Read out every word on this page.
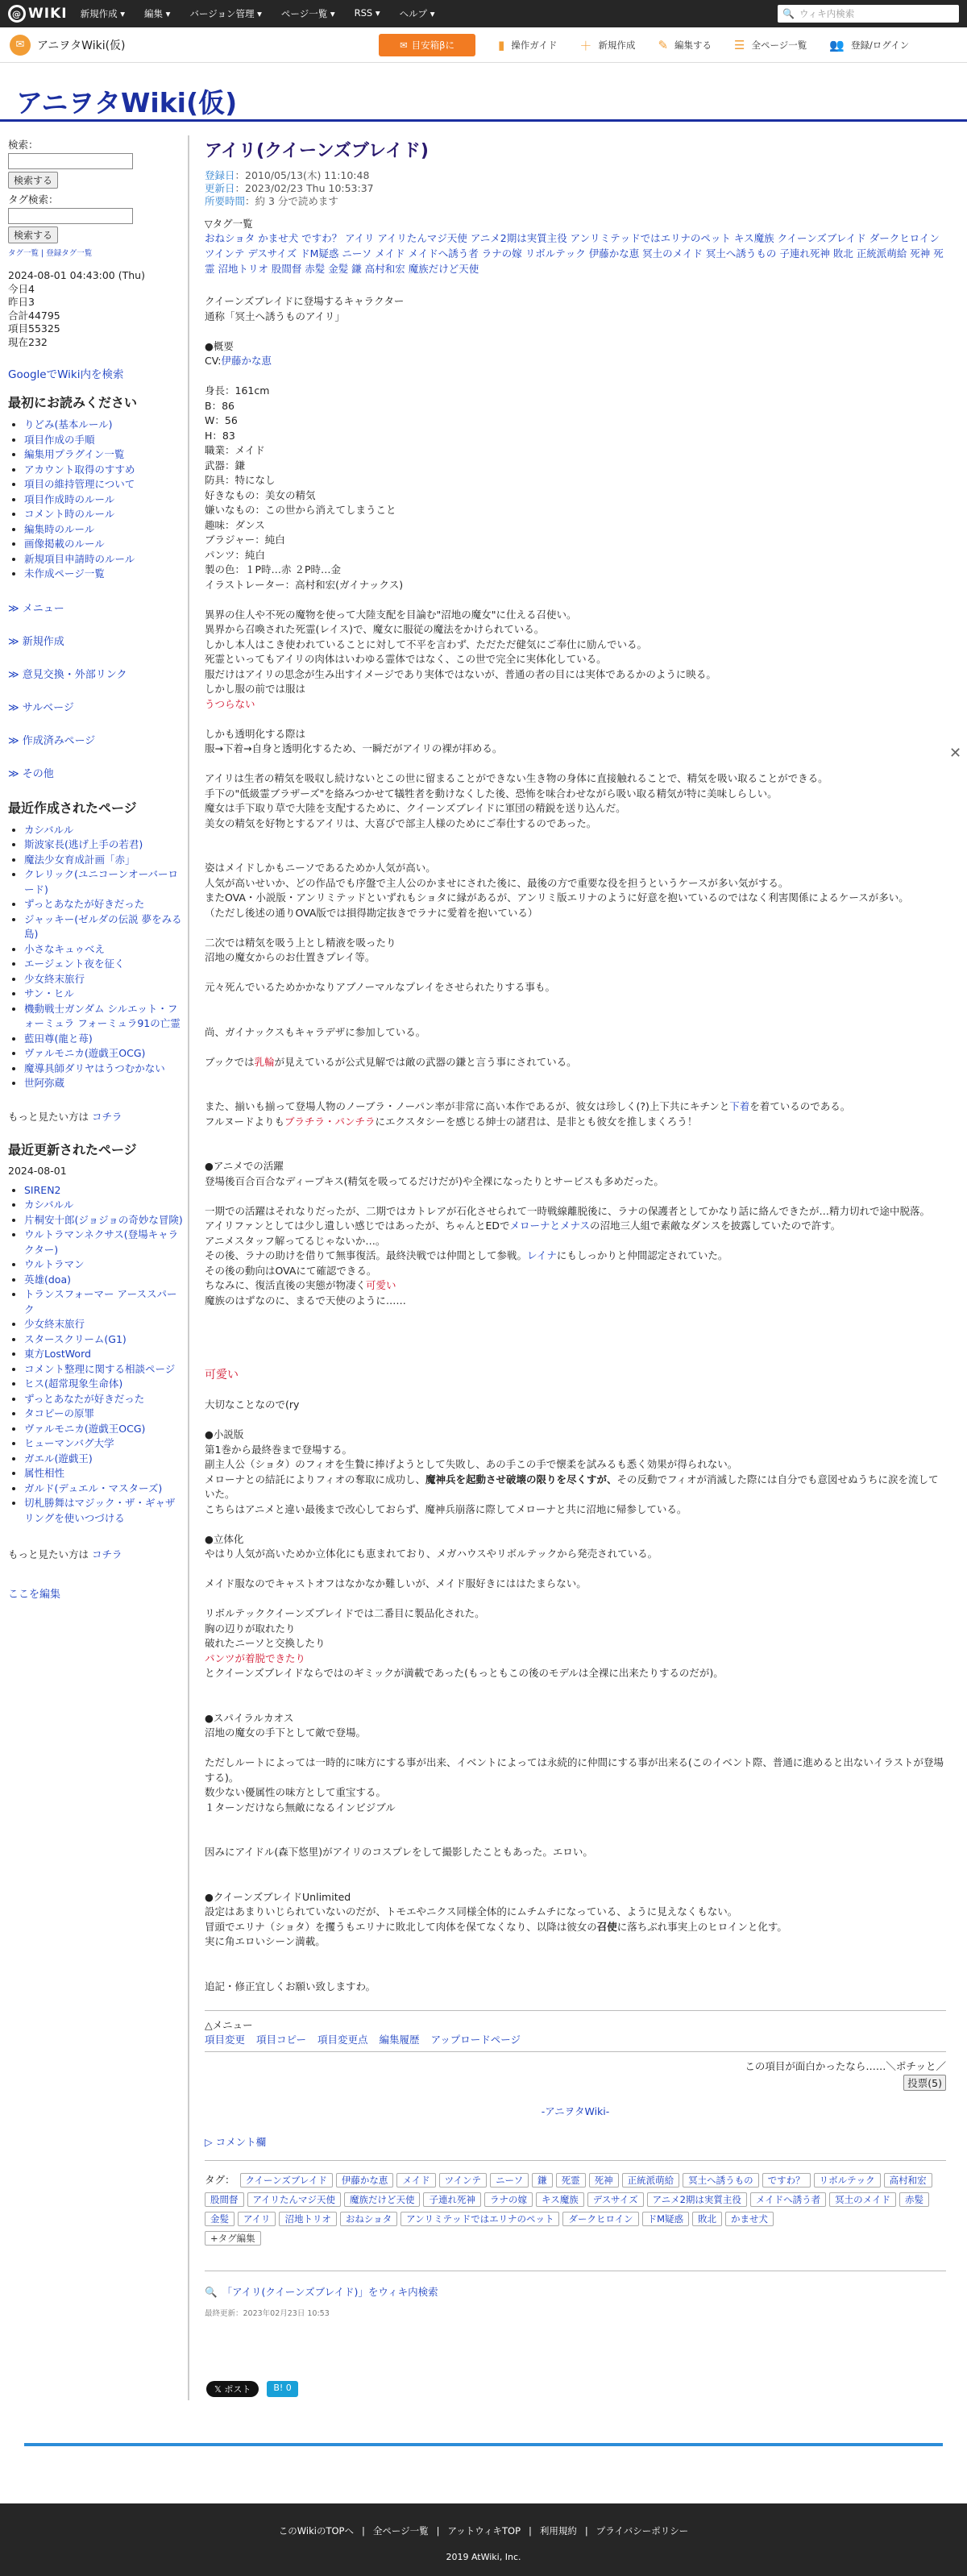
@ WIKI 新規作成 ▾ 編集 ▾ バージョン管理 ▾ ページ一覧 ▾ RSS ▾ ヘルプ ▾	🔍 ウィキ内検索
✉	アニヲタWiki(仮)	✉ 目安箱βに	▮ 操作ガイド ＋ 新規作成 ✎ 編集する ☰ 全ページ一覧 👥 登録/ログイン
アニヲタWiki(仮)
検索：
検索する
タグ検索：
検索する
タグ一覧 | 登録タグ一覧
2024-08-01 04:43:00 (Thu)
今日4
昨日3
合計44795
項目55325
現在232
GoogleでWiki内を検索
最初にお読みください
• りどみ(基本ルール)
• 項目作成の手順
• 編集用プラグイン一覧
• アカウント取得のすすめ
• 項目の維持管理について
• 項目作成時のルール
• コメント時のルール
• 編集時のルール
• 画像掲載のルール
• 新規項目申請時のルール
• 未作成ページ一覧
≫ メニュー
≫ 新規作成
≫ 意見交換・外部リンク
≫ サルベージ
≫ 作成済みページ
≫ その他
最近作成されたページ
• カシバルル
• 斯波家長(逃げ上手の若君)
• 魔法少女育成計画「赤」
• クレリック(ユニコーンオーバーロード)
• ずっとあなたが好きだった
• ジャッキー(ゼルダの伝説 夢をみる島)
• 小さなキュゥべえ
• エージェント夜を征く
• 少女終末旅行
• サン・ヒル
• 機動戦士ガンダム シルエット・フォーミュラ フォーミュラ91の亡霊
• 藍田尊(龍と苺)
• ヴァルモニカ(遊戯王OCG)
• 魔導具師ダリヤはうつむかない
• 世阿弥蔵
もっと見たい方は コチラ
最近更新されたページ
2024-08-01
• SIREN2
• カシバルル
• 片桐安十郎(ジョジョの奇妙な冒険)
• ウルトラマンネクサス(登場キャラクター)
• ウルトラマン
• 英雄(doa)
• トランスフォーマー アーススパーク
• 少女終末旅行
• スタースクリーム(G1)
• 東方LostWord
• コメント整理に関する相談ページ
• ヒス(超常現象生命体)
• ずっとあなたが好きだった
• タコピーの原罪
• ヴァルモニカ(遊戯王OCG)
• ヒューマンバグ大学
• ガエル(遊戯王)
• 属性相性
• ガルド(デュエル・マスターズ)
• 切札勝舞はマジック・ザ・ギャザリングを使いつづける
もっと見たい方は コチラ
ここを編集
アイリ(クイーンズブレイド)
登録日：2010/05/13(木) 11:10:48
更新日：2023/02/23 Thu 10:53:37
所要時間：約 3 分で読めます
▽タグ一覧
おねショタ かませ犬 ですわ？ アイリ アイリたんマジ天使 アニメ2期は実質主役 アンリミテッドではエリナのペット キス魔族 クイーンズブレイド ダークヒロイン ツインテ デスサイズ ドM疑惑 ニーソ メイド メイドへ誘う者 ラナの嫁 リボルテック 伊藤かな恵 冥土のメイド 冥土へ誘うもの 子連れ死神 敗北 正統派萌給 死神 死霊 沼地トリオ 股間督 赤髪 金髪 鎌 高村和宏 魔族だけど天使
クイーンズブレイドに登場するキャラクター
通称「冥土へ誘うものアイリ」

●概要
CV:伊藤かな恵

身長：161cm
B：86
W：56
H：83
職業：メイド
武器：鎌
防具：特になし
好きなもの：美女の精気
嫌いなもの：この世から消えてしまうこと
趣味：ダンス
ブラジャー：純白
パンツ：純白
製の色：１P時…赤 ２P時…金
イラストレーター：高村和宏(ガイナックス)

異界の住人や不死の魔物を使って大陸支配を目論む"沼地の魔女"に仕える召使い。
異界から召喚された死霊(レイス)で、魔女に服従の魔法をかけられている。
しかし本人はこき使われていることに対して不平を言わず、ただただ健気にご奉仕に励んでいる。
死霊といってもアイリの肉体はいわゆる霊体ではなく、この世で完全に実体化している。
服だけはアイリの思念が生み出すイメージであり実体ではないが、普通の者の目には実体であるかのように映る。
しかし服の前では服は
うつらない

しかも透明化する際は
服→下着→自身と透明化するため、一瞬だがアイリの裸が拝める。

アイリは生者の精気を吸収し続けないとこの世に留まることができない生き物の身体に直接触れることで、精気を吸い取ることができる。
手下の"低級霊ブラザーズ"を絡みつかせて犠牲者を動けなくした後、恐怖を味合わせながら吸い取る精気が特に美味しらしい。
魔女は手下取り草で大陸を支配するために、クイーンズブレイドに軍団の精鋭を送り込んだ。
美女の精気を好物とするアイリは、大喜びで部主人様のためにご奉仕するのであった。

姿はメイドしかもニーソであるためか人気が高い。
人気が高いせいか、どの作品でも序盤で主人公のかませにされた後に、最後の方で重要な役を担うというケースが多い気がする。
またOVA・小説版・アンリミテッドといずれもショタに縁があるが、アンリミ版エリナのように好意を抱いているのではなく利害関係によるケースが多い。
（ただし後述の通りOVA版では損得勘定抜きでラナに愛着を抱いている）

二次では精気を吸う上とし精液を吸ったり
沼地の魔女からのお仕置きプレイ等。

元々死んでいるためかかなりアブノーマルなプレイをさせられたりする事も。

尚、ガイナックスもキャラデザに参加している。

ブックでは乳輪が見えているが公式見解では敵の武器の鎌と言う事にされている。

また、揃いも揃って登場人物のノーブラ・ノーパン率が非常に高い本作であるが、彼女は珍しく(?)上下共にキチンと下着を着ているのである。
フルヌードよりもブラチラ・パンチラにエクスタシーを感じる紳士の諸君は、是非とも彼女を推しまくろう！

●アニメでの活躍
登場後百合百合なディープキス(精気を吸ってるだけだが)や全裸になったりとサービスも多めだった。

一期での活躍はそれなりだったが、二期ではカトレアが石化させられて一時戦線離脱後に、ラナの保護者としてかなり話に絡んできたが…精力切れで途中脱落。
アイリファンとしては少し遺しい感じではあったが、ちゃんとEDでメローナとメナスの沼地三人組で素敵なダンスを披露していたので許す。
アニメスタッフ解ってるじゃないか…。
その後、ラナの助けを借りて無事復活。最終決戦では仲間として参戦。レイナにもしっかりと仲間認定されていた。
その後の動向はOVAにて確認できる。
ちなみに、復活直後の実態が物凄く可愛い
魔族のはずなのに、まるで天使のように……

可愛い

大切なことなので(ry

●小説版
第1巻から最終巻まで登場する。
副主人公（ショタ）のフィオを生贄に捧げようとして失敗し、あの手この手で懐柔を試みるも悉く効果が得られない。
メローナとの結託によりフィオの奪取に成功し、魔神兵を起動させ破壊の限りを尽くすが、その反動でフィオが消滅した際には自分でも意図せぬうちに涙を流していた。
こちらはアニメと違い最後まで改心しておらず、魔神兵崩落に際してメローナと共に沼地に帰参している。

●立体化
やはり人気が高いためか立体化にも恵まれており、メガハウスやリボルテックから発売されている。

メイド服なのでキャストオフはなかなか難しいが、メイド服好きにははたまらない。

リボルテッククイーンズブレイドでは二番目に製品化された。
胸の辺りが取れたり
破れたニーソと交換したり
パンツが着脱できたり
とクイーンズブレイドならではのギミックが満載であった(もっともこの後のモデルは全裸に出来たりするのだが)。

●スパイラルカオス
沼地の魔女の手下として敵で登場。

ただしルートによっては一時的に味方にする事が出来、イベントによっては永続的に仲間にする事が出来る(このイベント際、普通に進めると出ないイラストが登場する)。
数少ない優属性の味方として重宝する。
１ターンだけなら無敵になるインビジブル

因みにアイドル(森下悠里)がアイリのコスプレをして撮影したこともあった。エロい。

●クイーンズブレイドUnlimited
設定はあまりいじられていないのだが、トモエやニクス同様全体的にムチムチになっている、ように見えなくもない。
冒頭でエリナ（ショタ）を攫うもエリナに敗北して肉体を保てなくなり、以降は彼女の召使に落ちぶれ事実上のヒロインと化す。
実に角エロいシーン満載。

追記・修正宜しくお願い致しますわ。
△メニュー
項目変更 項目コピー 項目変更点 編集履歴 アップロードページ
この項目が面白かったなら……＼ポチッと／
投票(5)
-アニヲタWiki-
▷ コメント欄
タグ： クイーンズブレイド 伊藤かな恵 メイド ツインテ ニーソ 鎌 死霊 死神 正統派萌給 冥土へ誘うもの ですわ？ リボルテック 高村和宏股間督 アイリたんマジ天使 魔族だけど天使 子連れ死神 ラナの嫁 キス魔族 デスサイズ アニメ2期は実質主役 メイドへ誘う者 冥土のメイド 赤髪金髪 アイリ 沼地トリオ おねショタ アンリミテッドではエリナのペット ダークヒロイン ドM疑惑 敗北 かませ犬
+タグ編集
🔍 「アイリ(クイーンズブレイド)」をウィキ内検索
最終更新：2023年02月23日 10:53
✕
𝕏 ポスト	B! 0
このWikiのTOPへ | 全ページ一覧 | アットウィキTOP | 利用規約 | プライバシーポリシー
2019 AtWiki, Inc.
